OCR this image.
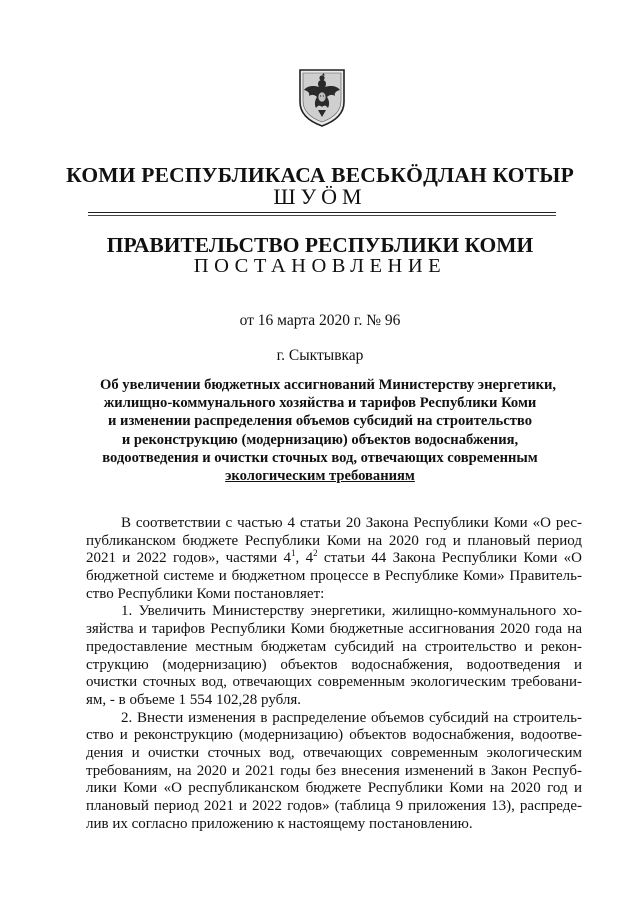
КОМИ РЕСПУБЛИКАСА ВЕСЬКӦДЛАН КОТЫР
ШУӦМ
ПРАВИТЕЛЬСТВО РЕСПУБЛИКИ КОМИ
ПОСТАНОВЛЕНИЕ
от 16 марта 2020 г. № 96
г. Сыктывкар
Об увеличении бюджетных ассигнований Министерству энергетики,
жилищно-коммунального хозяйства и тарифов Республики Коми
и изменении распределения объемов субсидий на строительство
и реконструкцию (модернизацию) объектов водоснабжения,
водоотведения и очистки сточных вод, отвечающих современным
экологическим требованиям
В соответствии с частью 4 статьи 20 Закона Республики Коми «О рес-
публиканском бюджете Республики Коми на 2020 год и плановый период
2021 и 2022 годов», частями $4^1$, $4^2$ статьи 44 Закона Республики Коми «О
бюджетной системе и бюджетном процессе в Республике Коми» Правитель-
ство Республики Коми постановляет:
1. Увеличить Министерству энергетики, жилищно-коммунального хо-
зяйства и тарифов Республики Коми бюджетные ассигнования 2020 года на
предоставление местным бюджетам субсидий на строительство и рекон-
струкцию (модернизацию) объектов водоснабжения, водоотведения и
очистки сточных вод, отвечающих современным экологическим требовани-
ям, - в объеме 1 554 102,28 рубля.
2. Внести изменения в распределение объемов субсидий на строитель-
ство и реконструкцию (модернизацию) объектов водоснабжения, водоотве-
дения и очистки сточных вод, отвечающих современным экологическим
требованиям, на 2020 и 2021 годы без внесения изменений в Закон Респуб-
лики Коми «О республиканском бюджете Республики Коми на 2020 год и
плановый период 2021 и 2022 годов» (таблица 9 приложения 13), распреде-
лив их согласно приложению к настоящему постановлению.
